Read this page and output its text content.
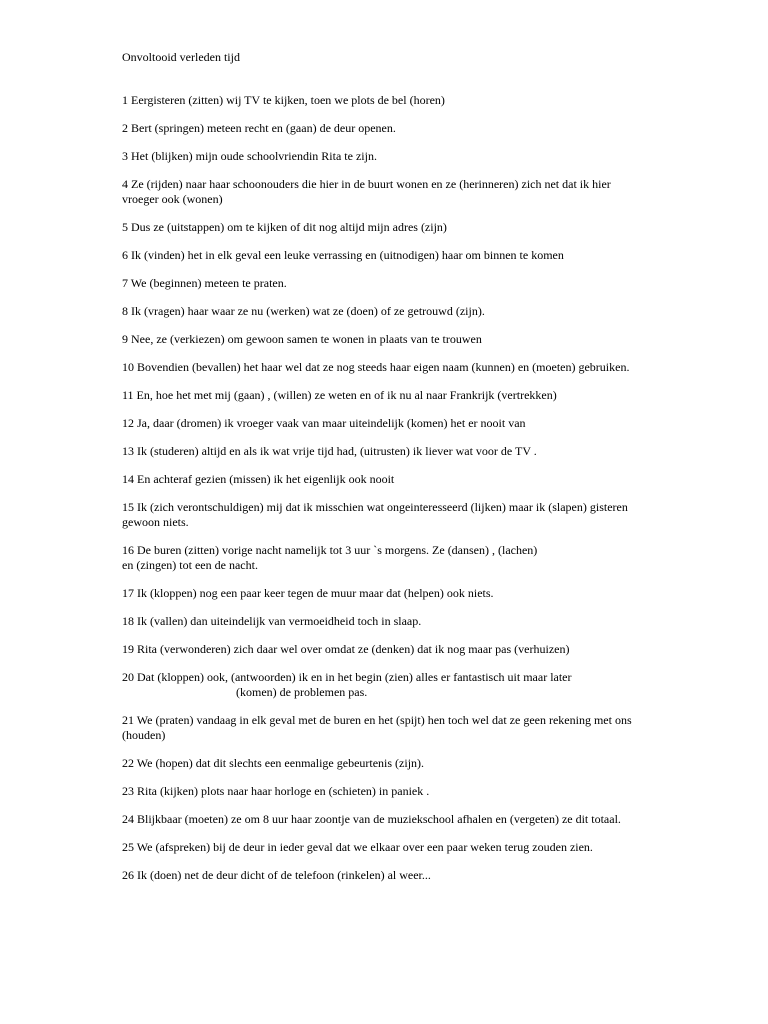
Onvoltooid verleden tijd
1 Eergisteren (zitten) wij TV te kijken, toen we plots de bel (horen)
2 Bert (springen) meteen recht en (gaan) de deur openen.
3 Het (blijken) mijn oude schoolvriendin Rita te zijn.
4 Ze (rijden) naar haar schoonouders die hier in de buurt wonen en ze (herinneren) zich net dat ik hier vroeger ook (wonen)
5 Dus ze (uitstappen) om te kijken of dit nog altijd mijn adres (zijn)
6 Ik (vinden) het in elk geval een leuke verrassing en (uitnodigen) haar om binnen te komen
7 We (beginnen) meteen te praten.
8 Ik (vragen) haar waar ze nu (werken) wat ze (doen) of ze getrouwd (zijn).
9 Nee, ze (verkiezen) om gewoon samen te wonen in plaats van te trouwen
10 Bovendien (bevallen) het haar wel dat ze nog steeds haar eigen naam (kunnen) en (moeten) gebruiken.
11 En, hoe het met mij (gaan) , (willen) ze weten en of ik nu al naar Frankrijk (vertrekken)
12 Ja, daar (dromen) ik vroeger vaak van maar uiteindelijk (komen) het er nooit van
13 Ik (studeren) altijd en als ik wat vrije tijd had, (uitrusten) ik liever wat voor de TV .
14 En achteraf gezien (missen) ik het eigenlijk ook nooit
15 Ik (zich verontschuldigen) mij dat ik misschien wat ongeinteresseerd (lijken) maar ik (slapen) gisteren gewoon niets.
16 De buren (zitten) vorige nacht namelijk tot 3 uur `s morgens. Ze (dansen) , (lachen)
en (zingen) tot een de nacht.
17 Ik (kloppen) nog een paar keer tegen de muur maar dat (helpen) ook niets.
18 Ik (vallen) dan uiteindelijk van vermoeidheid toch in slaap.
19 Rita (verwonderen) zich daar wel over omdat ze (denken) dat ik nog maar pas (verhuizen)
20 Dat (kloppen) ook, (antwoorden) ik en in het begin (zien) alles er fantastisch uit maar later
(komen) de problemen pas.
21 We (praten) vandaag in elk geval met de buren en het (spijt) hen toch wel dat ze geen rekening met ons (houden)
22 We (hopen) dat dit slechts een eenmalige gebeurtenis (zijn).
23 Rita (kijken) plots naar haar horloge en (schieten) in paniek .
24 Blijkbaar (moeten) ze om 8 uur haar zoontje van de muziekschool afhalen en (vergeten) ze dit totaal.
25 We (afspreken) bij de deur in ieder geval dat we elkaar over een paar weken terug zouden zien.
26 Ik (doen) net de deur dicht of de telefoon (rinkelen) al weer...
